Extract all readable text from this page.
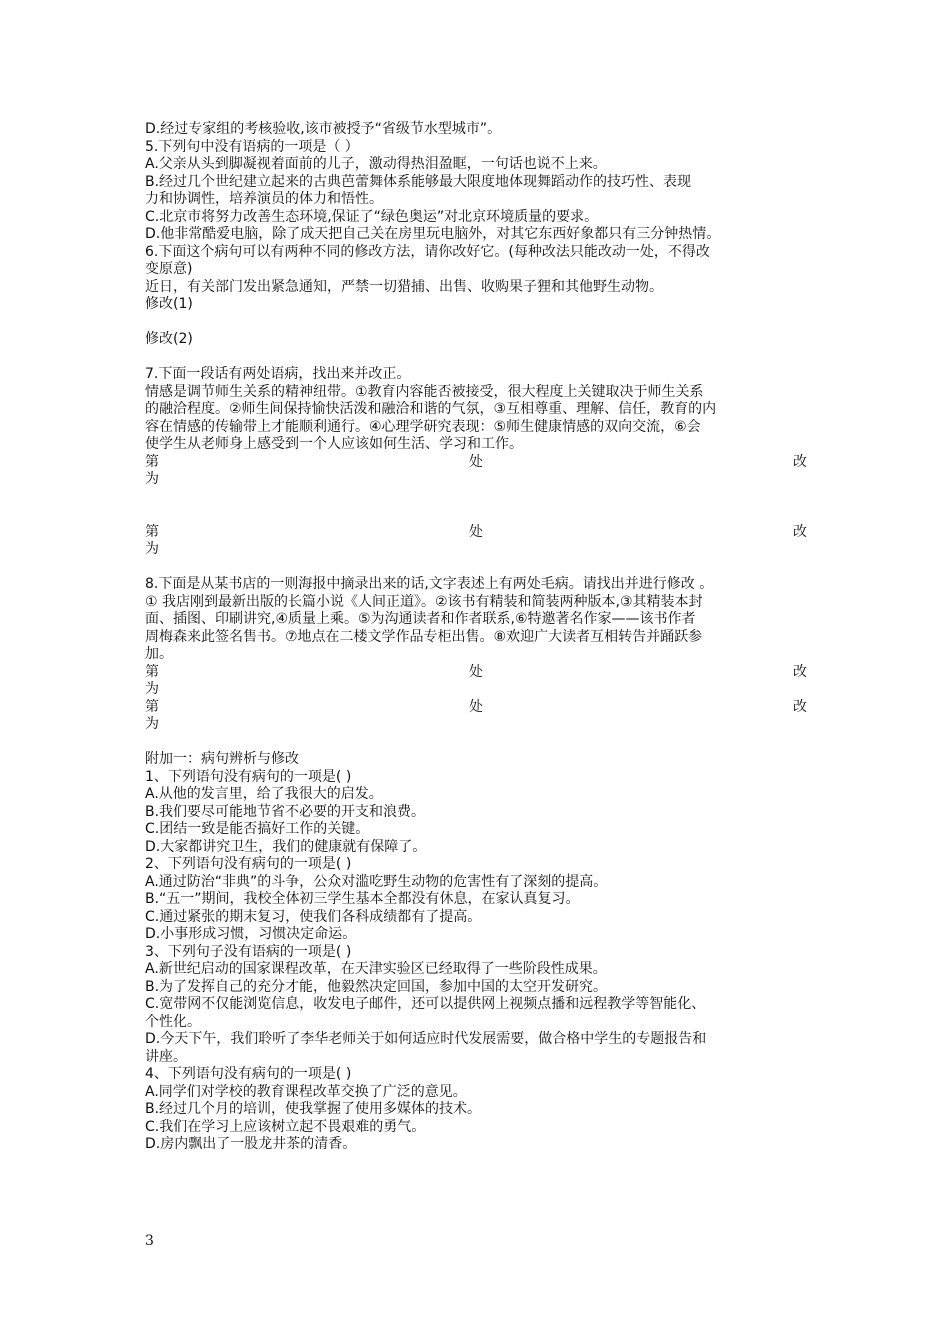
D.经过专家组的考核验收,该市被授予“省级节水型城市”。
5.下列句中没有语病的一项是（ ）
A.父亲从头到脚凝视着面前的儿子，激动得热泪盈眶，一句话也说不上来。
B.经过几个世纪建立起来的古典芭蕾舞体系能够最大限度地体现舞蹈动作的技巧性、表现
力和协调性，培养演员的体力和悟性。
C.北京市将努力改善生态环境,保证了“绿色奥运”对北京环境质量的要求。
D.他非常酷爱电脑，除了成天把自己关在房里玩电脑外，对其它东西好象都只有三分钟热情。
6.下面这个病句可以有两种不同的修改方法，请你改好它。(每种改法只能改动一处，不得改
变原意)
近日，有关部门发出紧急通知，严禁一切猎捕、出售、收购果子狸和其他野生动物。
修改(1)
修改(2)
7.下面一段话有两处语病，找出来并改正。
情感是调节师生关系的精神纽带。①教育内容能否被接受，很大程度上关键取决于师生关系
的融洽程度。②师生间保持愉快活泼和融洽和谐的气氛，③互相尊重、理解、信任，教育的内
容在情感的传输带上才能顺利通行。④心理学研究表现：⑤师生健康情感的双向交流，⑥会
使学生从老师身上感受到一个人应该如何生活、学习和工作。
第	处	改
为
第	处	改
为
8.下面是从某书店的一则海报中摘录出来的话,文字表述上有两处毛病。请找出并进行修改 。
① 我店刚到最新出版的长篇小说《人间正道》。②该书有精装和简装两种版本,③其精装本封
面、插图、印刷讲究,④质量上乘。⑤为沟通读者和作者联系,⑥特邀著名作家——该书作者
周梅森来此签名售书。⑦地点在二楼文学作品专柜出售。⑧欢迎广大读者互相转告并踊跃参
加。
第	处	改
为
第	处	改
为
附加一：病句辨析与修改
1、下列语句没有病句的一项是( )
A.从他的发言里，给了我很大的启发。
B.我们要尽可能地节省不必要的开支和浪费。
C.团结一致是能否搞好工作的关键。
D.大家都讲究卫生，我们的健康就有保障了。
2、下列语句没有病句的一项是( )
A.通过防治“非典”的斗争，公众对滥吃野生动物的危害性有了深刻的提高。
B.“五一”期间，我校全体初三学生基本全都没有休息，在家认真复习。
C.通过紧张的期末复习，使我们各科成绩都有了提高。
D.小事形成习惯，习惯决定命运。
3、下列句子没有语病的一项是( )
A.新世纪启动的国家课程改革，在天津实验区已经取得了一些阶段性成果。
B.为了发挥自己的充分才能，他毅然决定回国，参加中国的太空开发研究。
C.宽带网不仅能浏览信息，收发电子邮件，还可以提供网上视频点播和远程教学等智能化、
个性化。
D.今天下午，我们聆听了李华老师关于如何适应时代发展需要，做合格中学生的专题报告和
讲座。
4、下列语句没有病句的一项是( )
A.同学们对学校的教育课程改革交换了广泛的意见。
B.经过几个月的培训，使我掌握了使用多媒体的技术。
C.我们在学习上应该树立起不畏艰难的勇气。
D.房内飘出了一股龙井茶的清香。
3
